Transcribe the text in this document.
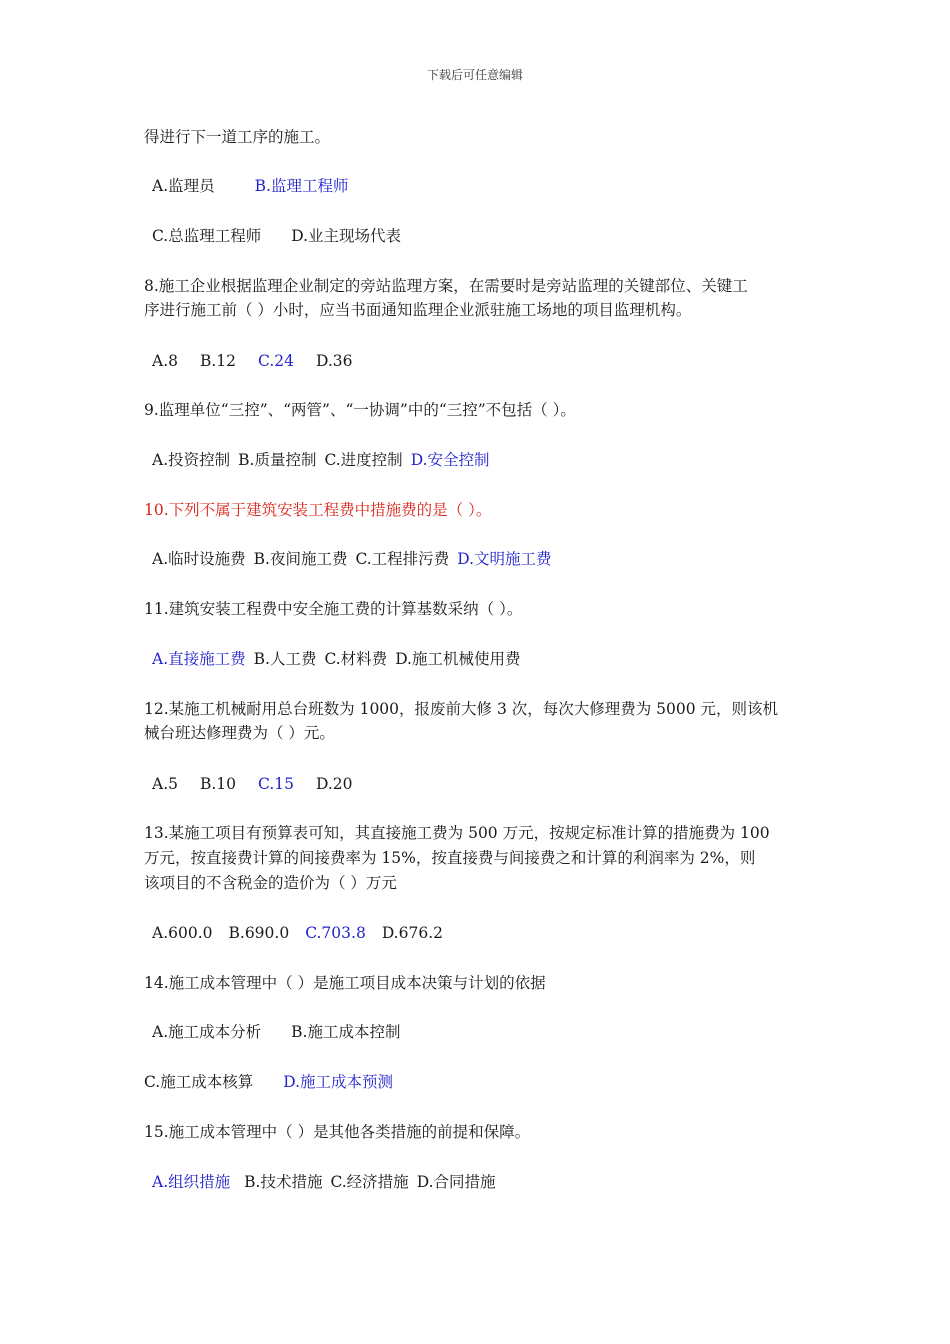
下载后可任意编辑
得进行下一道工序的施工。
A.监理员	B.监理工程师
C.总监理工程师 D.业主现场代表
8.施工企业根据监理企业制定的旁站监理方案，在需要时是旁站监理的关键部位、关键工
序进行施工前（ ）小时，应当书面通知监理企业派驻施工场地的项目监理机构。
A.8 B.12 C.24 D.36
9.监理单位“三控”、“两管”、“一协调”中的“三控”不包括（ ）。
A.投资控制 B.质量控制 C.进度控制 D.安全控制
10.下列不属于建筑安装工程费中措施费的是（ ）。
A.临时设施费 B.夜间施工费 C.工程排污费 D.文明施工费
11.建筑安装工程费中安全施工费的计算基数采纳（ ）。
A.直接施工费 B.人工费 C.材料费 D.施工机械使用费
12.某施工机械耐用总台班数为 1000，报废前大修 3 次，每次大修理费为 5000 元，则该机
械台班达修理费为（ ）元。
A.5 B.10 C.15 D.20
13.某施工项目有预算表可知，其直接施工费为 500 万元，按规定标准计算的措施费为 100
万元，按直接费计算的间接费率为 15%，按直接费与间接费之和计算的利润率为 2%，则
该项目的不含税金的造价为（ ）万元
A.600.0 B.690.0 C.703.8 D.676.2
14.施工成本管理中（ ）是施工项目成本决策与计划的依据
A.施工成本分析 B.施工成本控制
C.施工成本核算 D.施工成本预测
15.施工成本管理中（ ）是其他各类措施的前提和保障。
A.组织措施 B.技术措施 C.经济措施 D.合同措施
